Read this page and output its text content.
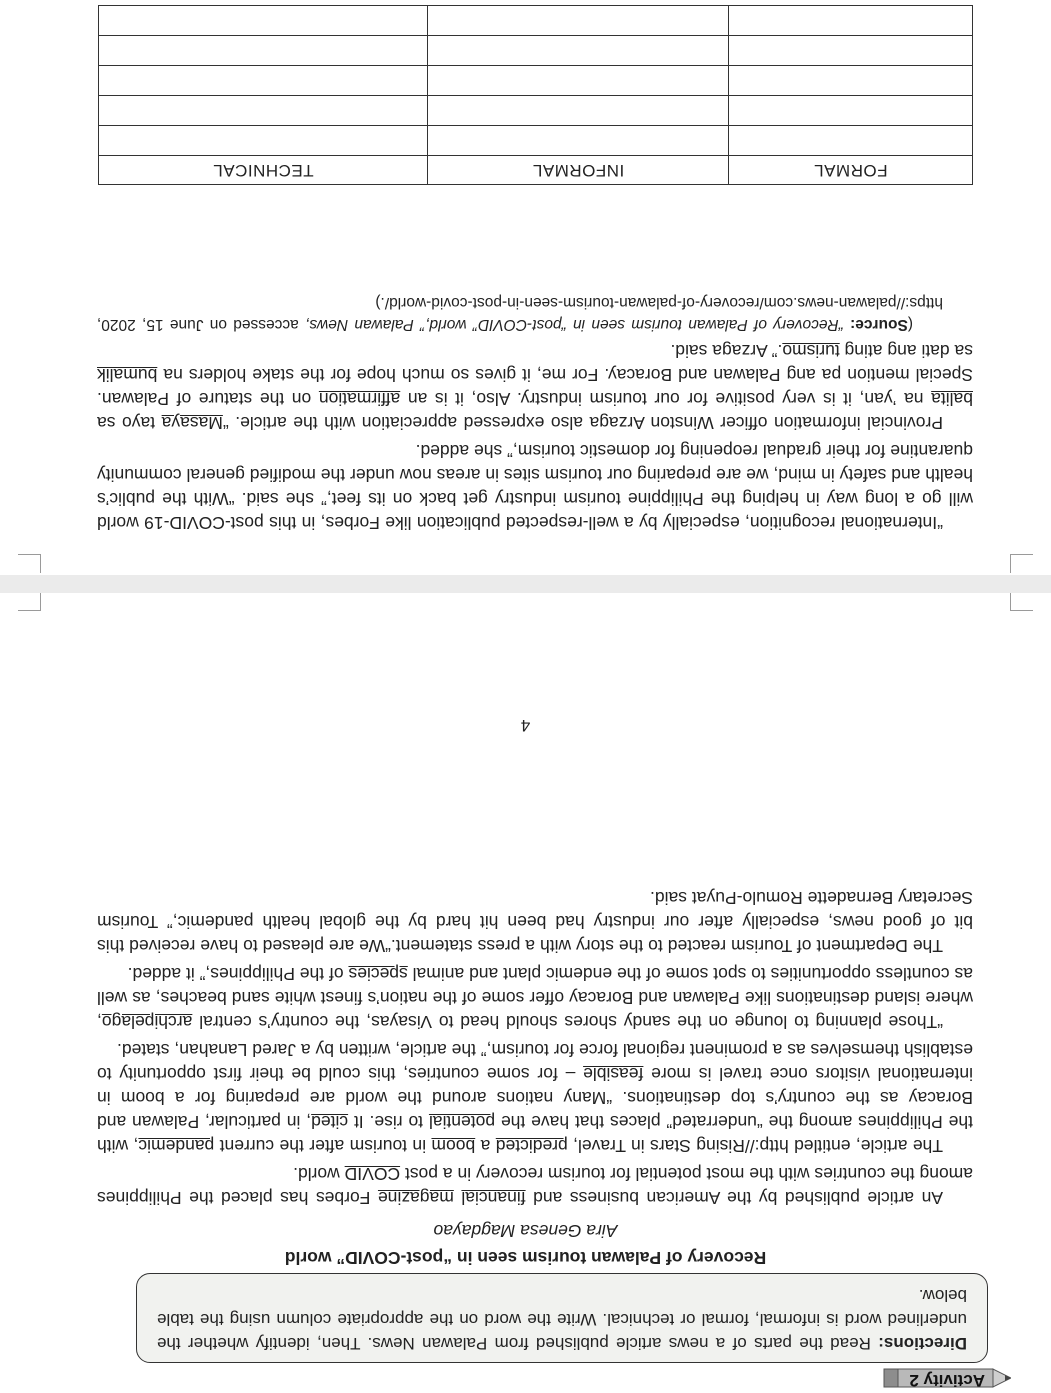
Activity 2
Directions: Read the parts of a news article published from Palawan News. Then, identify whether the underlined word is informal, formal or technical. Write the word on the appropriate column using the table below.
Recovery of Palawan tourism seen in “post-COVID” world
Aira Genesa Magdayao

An article published by the American business and financial magazine Forbes has placed the Philippines among the countries with the most potential for tourism recovery in a post COVID world.

The article, entitled http://Rising Stars in Travel, predicted a boom in tourism after the current pandemic, with the Philippines among the “underrated” places that have the potential to rise. It cited, in particular, Palawan and Boracay as the country’s top destinations. “Many nations around the world are preparing for a boom in international visitors once travel is more feasible – for some countries, this could be their first opportunity to establish themselves as a prominent regional force for tourism,” the article, written by a Jared Lanahan, stated.

“Those planning to lounge on the sandy shores should head to Visayas, the country’s central archipelago, where island destinations like Palawan and Boracay offer some of the nation’s finest white sand beaches, as well as countless opportunities to spot some of the endemic plant and animal species of the Philippines,” it added.

The Department of Tourism reacted to the story with a press statement.“We are pleased to have received this bit of good news, especially after our industry had been hit hard by the global health pandemic,” Tourism Secretary Bernadette Romulo-Puyat said.

4

“International recognition, especially by a well-respected publication like Forbes, in this post-COVID-19 world will go a long way in helping the Philippine tourism industry get back on its feet,” she said. “With the public’s health and safety in mind, we are preparing our tourism sites in areas now under the modified general community quarantine for their gradual reopening for domestic tourism,” she added.

Provincial information officer Winston Arzaga also expressed appreciation with the article. “Masaya tayo sa balita na ’yan, it is very positive for our tourism industry. Also, it is an affirmation on the stature of Palawan. Special mention pa ang Palawan and Boracay. For me, it gives so much hope for the stake holders na bumalik sa dati ang ating turismo.” Arzaga said.

(Source: “Recovery of Palawan tourism seen in “post-COVID” world,” Palawan News, accessed on June 15, 2020, https://palawan-news.com/recovery-of-palawan-tourism-seen-in-post-covid-world/.)

FORMAL	INFORMAL	TECHNICAL
